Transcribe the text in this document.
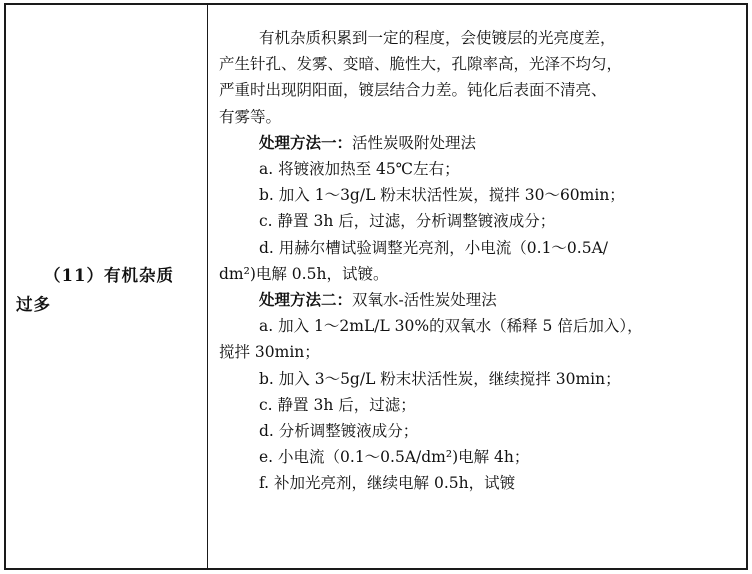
（11）有机杂质
过多

有机杂质积累到一定的程度，会使镀层的光亮度差，

产生针孔、发雾、变暗、脆性大，孔隙率高，光泽不均匀，

严重时出现阴阳面，镀层结合力差。钝化后表面不清亮、

有雾等。

处理方法一：活性炭吸附处理法

a. 将镀液加热至 45℃左右；

b. 加入 1～3g/L 粉末状活性炭，搅拌 30～60min；

c. 静置 3h 后，过滤，分析调整镀液成分；

d. 用赫尔槽试验调整光亮剂，小电流（0.1～0.5A/

dm²)电解 0.5h，试镀。

处理方法二：双氧水-活性炭处理法

a. 加入 1～2mL/L 30%的双氧水（稀释 5 倍后加入），

搅拌 30min；

b. 加入 3～5g/L 粉末状活性炭，继续搅拌 30min；

c. 静置 3h 后，过滤；

d. 分析调整镀液成分；

e. 小电流（0.1～0.5A/dm²)电解 4h；

f. 补加光亮剂，继续电解 0.5h，试镀
